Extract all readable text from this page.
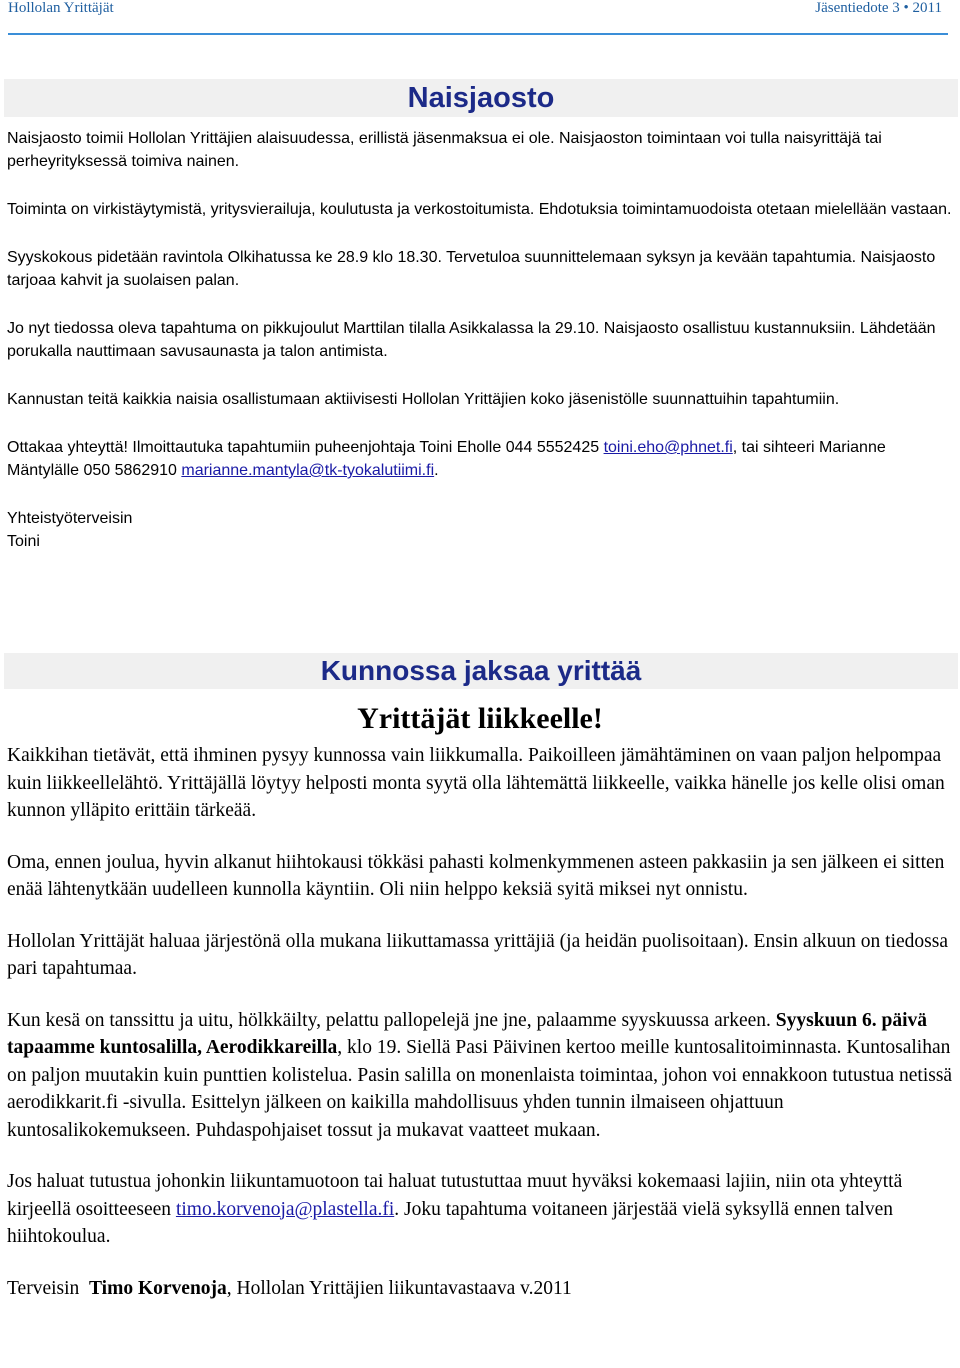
Hollolan Yrittäjät	Jäsentiedote 3 • 2011
Naisjaosto

Naisjaosto toimii Hollolan Yrittäjien alaisuudessa, erillistä jäsenmaksua ei ole. Naisjaoston toimintaan voi tulla naisyrittäjä tai perheyrityksessä toimiva nainen.

Toiminta on virkistäytymistä, yritysvierailuja, koulutusta ja verkostoitumista. Ehdotuksia toimintamuodoista otetaan mielellään vastaan.

Syyskokous pidetään ravintola Olkihatussa ke 28.9 klo 18.30. Tervetuloa suunnittelemaan syksyn ja kevään tapahtumia. Naisjaosto tarjoaa kahvit ja suolaisen palan.

Jo nyt tiedossa oleva tapahtuma on pikkujoulut Marttilan tilalla Asikkalassa la 29.10. Naisjaosto osallistuu kustannuksiin. Lähdetään porukalla nauttimaan savusaunasta ja talon antimista.

Kannustan teitä kaikkia naisia osallistumaan aktiivisesti Hollolan Yrittäjien koko jäsenistölle suunnattuihin tapahtumiin.

Ottakaa yhteyttä! Ilmoittautuka tapahtumiin puheenjohtaja Toini Eholle 044 5552425 toini.eho@phnet.fi, tai sihteeri Marianne Mäntylälle 050 5862910 marianne.mantyla@tk-tyokalutiimi.fi.

Yhteistyöterveisin

Toini

Kunnossa jaksaa yrittää
Yrittäjät liikkeelle!

Kaikkihan tietävät, että ihminen pysyy kunnossa vain liikkumalla. Paikoilleen jämähtäminen on vaan paljon helpompaa kuin liikkeellelähtö. Yrittäjällä löytyy helposti monta syytä olla lähtemättä liikkeelle, vaikka hänelle jos kelle olisi oman kunnon ylläpito erittäin tärkeää.

Oma, ennen joulua, hyvin alkanut hiihtokausi tökkäsi pahasti kolmenkymmenen asteen pakkasiin ja sen jälkeen ei sitten enää lähtenytkään uudelleen kunnolla käyntiin. Oli niin helppo keksiä syitä miksei nyt onnistu.

Hollolan Yrittäjät haluaa järjestönä olla mukana liikuttamassa yrittäjiä (ja heidän puolisoitaan). Ensin alkuun on tiedossa pari tapahtumaa.

Kun kesä on tanssittu ja uitu, hölkkäilty, pelattu pallopelejä jne jne, palaamme syyskuussa arkeen. Syyskuun 6. päivä tapaamme kuntosalilla, Aerodikkareilla, klo 19. Siellä Pasi Päivinen kertoo meille kuntosalitoiminnasta. Kuntosalihan on paljon muutakin kuin punttien kolistelua. Pasin salilla on monenlaista toimintaa, johon voi ennakkoon tutustua netissä aerodikkarit.fi -sivulla. Esittelyn jälkeen on kaikilla mahdollisuus yhden tunnin ilmaiseen ohjattuun kuntosalikokemukseen. Puhdaspohjaiset tossut ja mukavat vaatteet mukaan.

Jos haluat tutustua johonkin liikuntamuotoon tai haluat tutustuttaa muut hyväksi kokemaasi lajiin, niin ota yhteyttä kirjeellä osoitteeseen timo.korvenoja@plastella.fi. Joku tapahtuma voitaneen järjestää vielä syksyllä ennen talven hiihtokoulua.

Terveisin  Timo Korvenoja, Hollolan Yrittäjien liikuntavastaava v.2011
